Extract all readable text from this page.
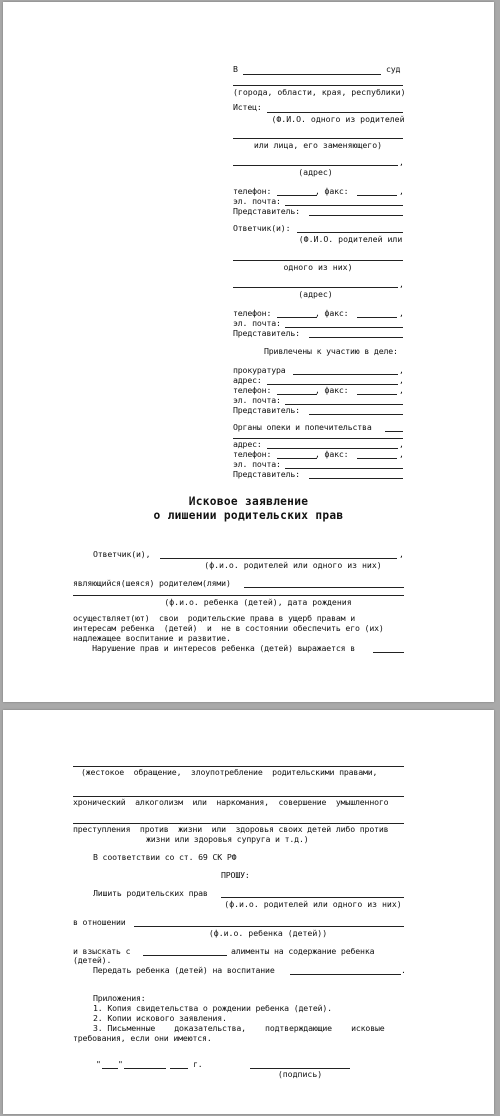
В	суд
(города, области, края, республики)
Истец:
(Ф.И.О. одного из родителей
или лица, его заменяющего)
,
(адрес)
телефон:	, факс:	,
эл. почта:
Представитель:
Ответчик(и):
(Ф.И.О. родителей или
одного из них)
,
(адрес)
телефон:	, факс:	,
эл. почта:
Представитель:
Привлечены к участию в деле:
прокуратура	,
адрес:	,
телефон:	, факс:	,
эл. почта:
Представитель:
Органы опеки и попечительства
адрес:	,
телефон:	, факс:	,
эл. почта:
Представитель:
Исковое заявление
о лишении родительских прав
Ответчик(и),	,
(ф.и.о. родителей или одного из них)
являющийся(шеяся) родителем(лями)
(ф.и.о. ребенка (детей), дата рождения
осуществляет(ют)  свои  родительские права в ущерб правам и
интересам ребенка  (детей)  и  не в состоянии обеспечить его (их)
надлежащее воспитание и развитие.
Нарушение прав и интересов ребенка (детей) выражается в
(жестокое  обращение,  злоупотребление  родительскими правами,
хронический  алкоголизм  или  наркомания,  совершение  умышленного
преступления  против  жизни  или  здоровья своих детей либо против
жизни или здоровья супруга и т.д.)
В соответствии со ст. 69 СК РФ
ПРОШУ:
Лишить родительских прав
(ф.и.о. родителей или одного из них)
в отношении
(ф.и.о. ребенка (детей))
и взыскать с	алименты на содержание ребенка
(детей).
Передать ребенка (детей) на воспитание	.
Приложения:
1. Копия свидетельства о рождении ребенка (детей).
2. Копии искового заявления.
3. Письменные    доказательства,    подтверждающие    исковые
требования, если они имеются.
" "	г.
(подпись)
